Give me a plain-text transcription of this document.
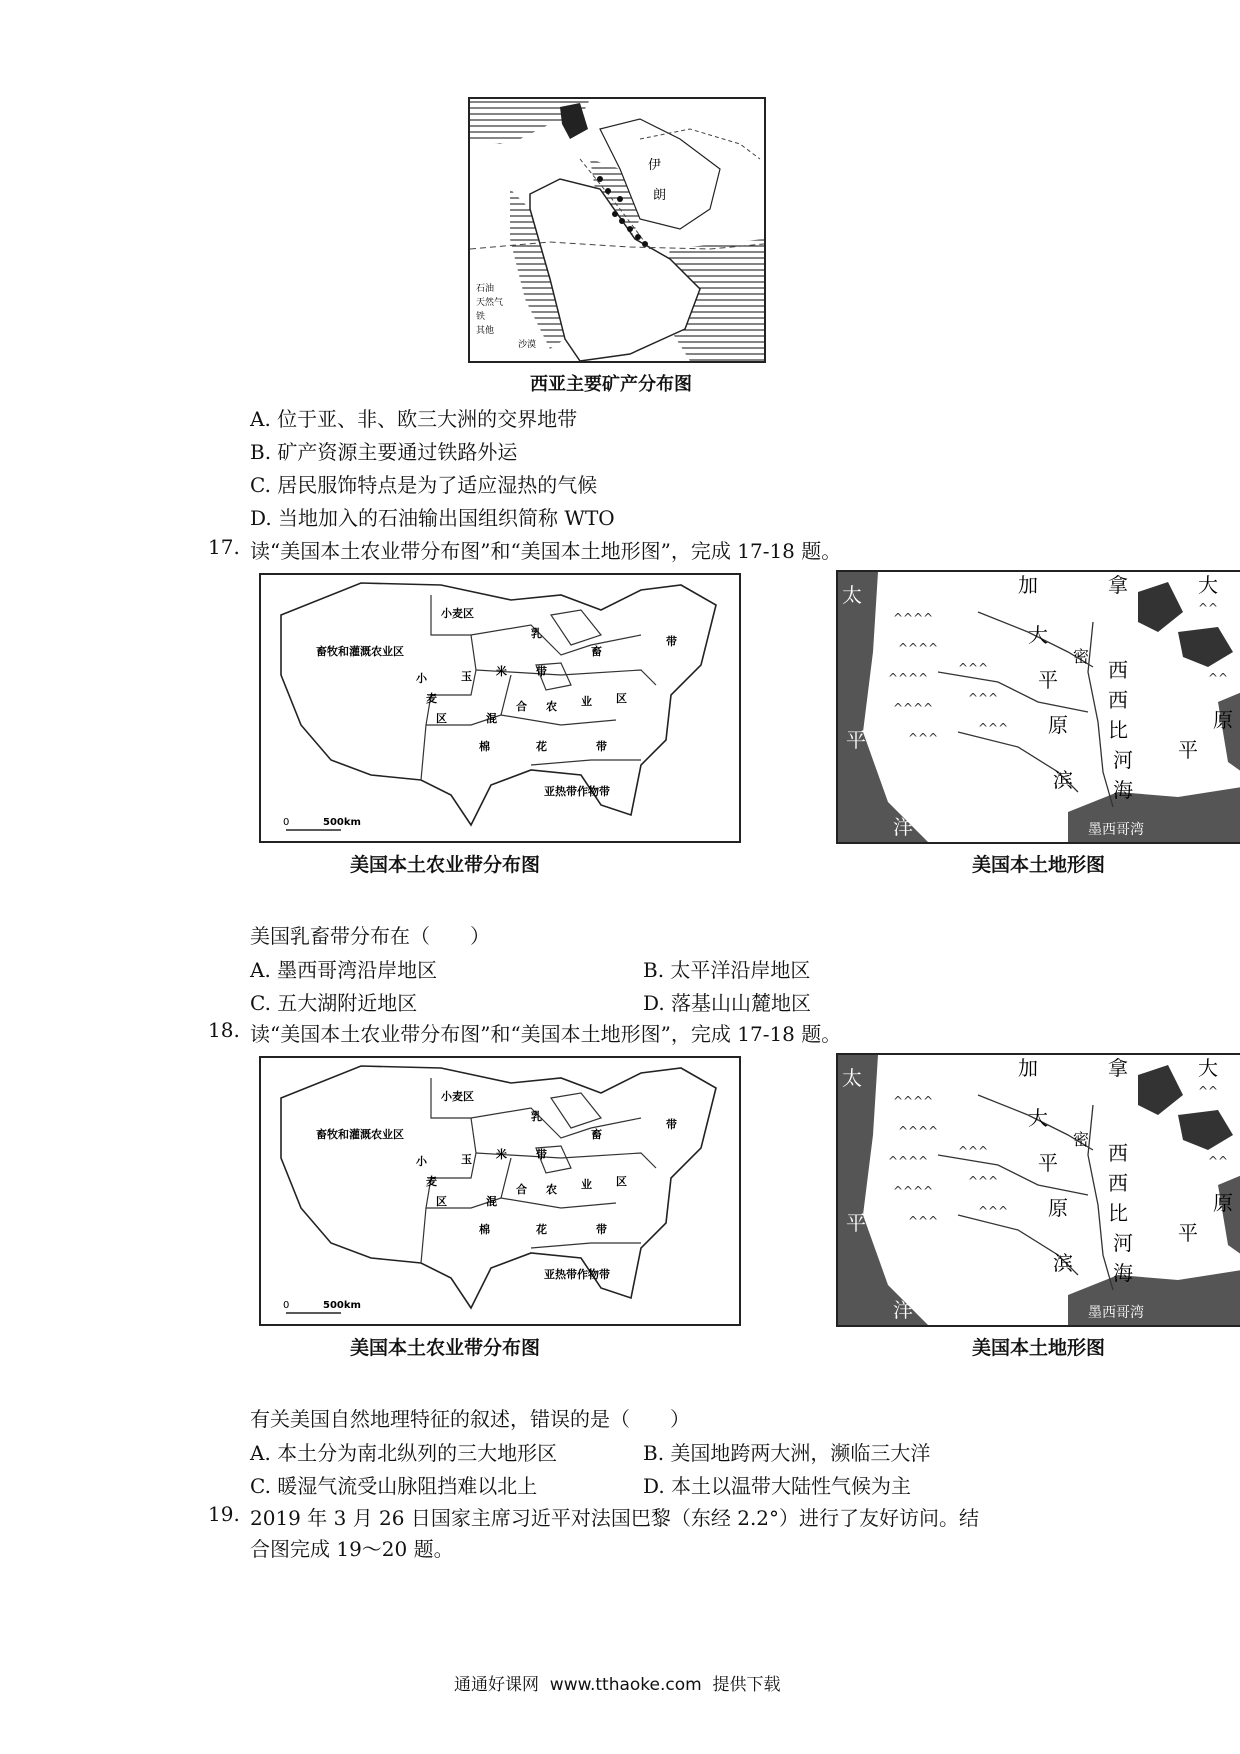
石油
天然气
铁
其他
沙漠
伊
朗
西亚主要矿产分布图
A. 位于亚、非、欧三大洲的交界地带
B. 矿产资源主要通过铁路外运
C. 居民服饰特点是为了适应湿热的气候
D. 当地加入的石油输出国组织简称 WTO
17. 读“美国本土农业带分布图”和“美国本土地形图”，完成 17-18 题。
小麦区
乳
畜
带
畜牧和灌溉农业区
小	玉 米	带
麦
区	混
合 农 业 区
棉	花	带
亚热带作物带
0	500km
美国本土农业带分布图
^^^^
^^^^
^^^^
^^^^
^^^
^^^
^^^
^^^
^^
^^
加	拿	大
太
平
洋
大
平
原
密
西
西
比
河 平
原
滨 海
墨西哥湾
美国本土地形图
美国乳畜带分布在（　　）
A. 墨西哥湾沿岸地区	B. 太平洋沿岸地区
C. 五大湖附近地区	D. 落基山山麓地区
18. 读“美国本土农业带分布图”和“美国本土地形图”，完成 17-18 题。
小麦区
乳
畜
带
畜牧和灌溉农业区
小	玉 米	带
麦
区	混
合 农 业 区
棉	花	带
亚热带作物带
0	500km
美国本土农业带分布图
^^^^
^^^^
^^^^
^^^^
^^^
^^^
^^^
^^^
^^
^^
加	拿	大
太
平
洋
大
平
原
密
西
西
比
河 平
原
滨 海
墨西哥湾
美国本土地形图
有关美国自然地理特征的叙述，错误的是（　　）
A. 本土分为南北纵列的三大地形区	B. 美国地跨两大洲，濒临三大洋
C. 暖湿气流受山脉阻挡难以北上	D. 本土以温带大陆性气候为主
19. 2019 年 3 月 26 日国家主席习近平对法国巴黎（东经 2.2°）进行了友好访问。结
合图完成 19～20 题。
通通好课网  www.tthaoke.com  提供下载
